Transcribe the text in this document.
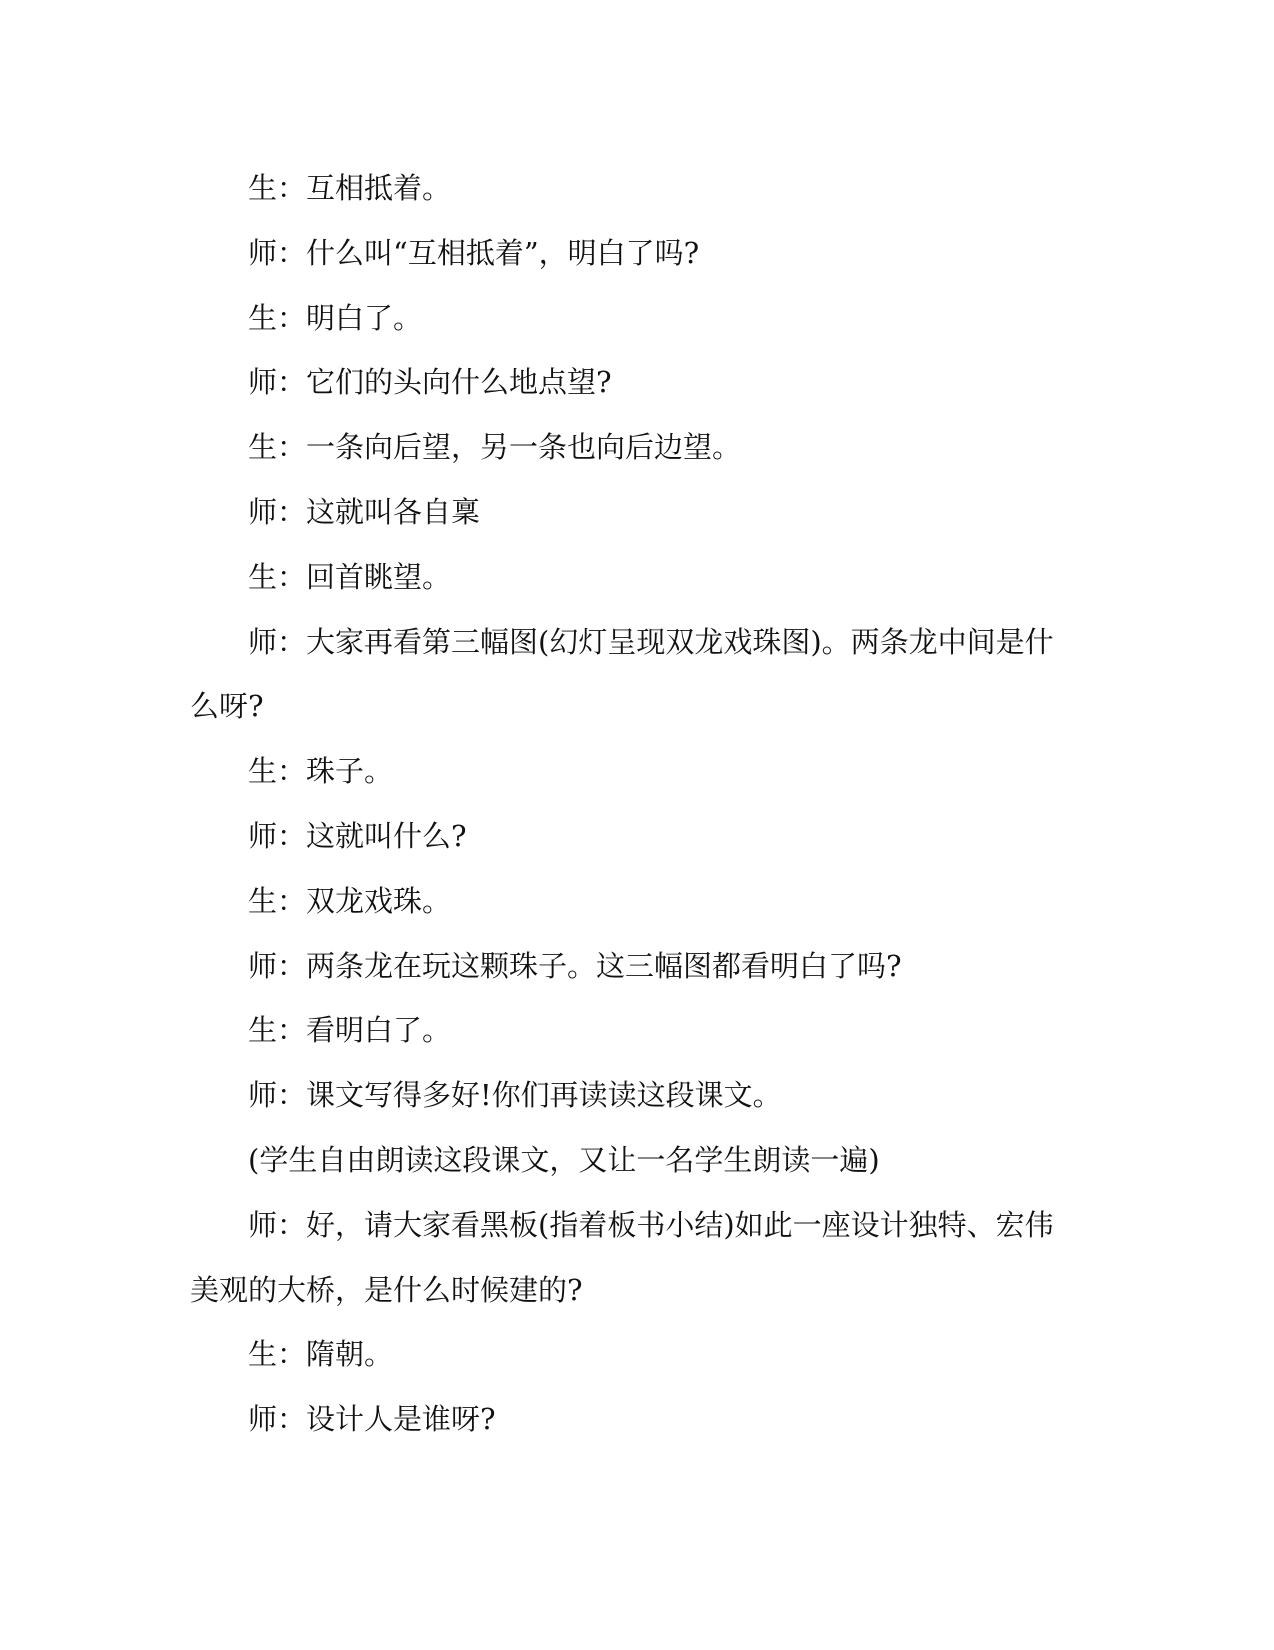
生：互相抵着。

师：什么叫“互相抵着”，明白了吗?

生：明白了。

师：它们的头向什么地点望?

生：一条向后望，另一条也向后边望。

师：这就叫各自稟

生：回首眺望。

师：大家再看第三幅图(幻灯呈现双龙戏珠图)。两条龙中间是什么呀?

生：珠子。

师：这就叫什么?

生：双龙戏珠。

师：两条龙在玩这颗珠子。这三幅图都看明白了吗?

生：看明白了。

师：课文写得多好!你们再读读这段课文。

(学生自由朗读这段课文，又让一名学生朗读一遍)

师：好，请大家看黑板(指着板书小结)如此一座设计独特、宏伟美观的大桥，是什么时候建的?

生：隋朝。

师：设计人是谁呀?
